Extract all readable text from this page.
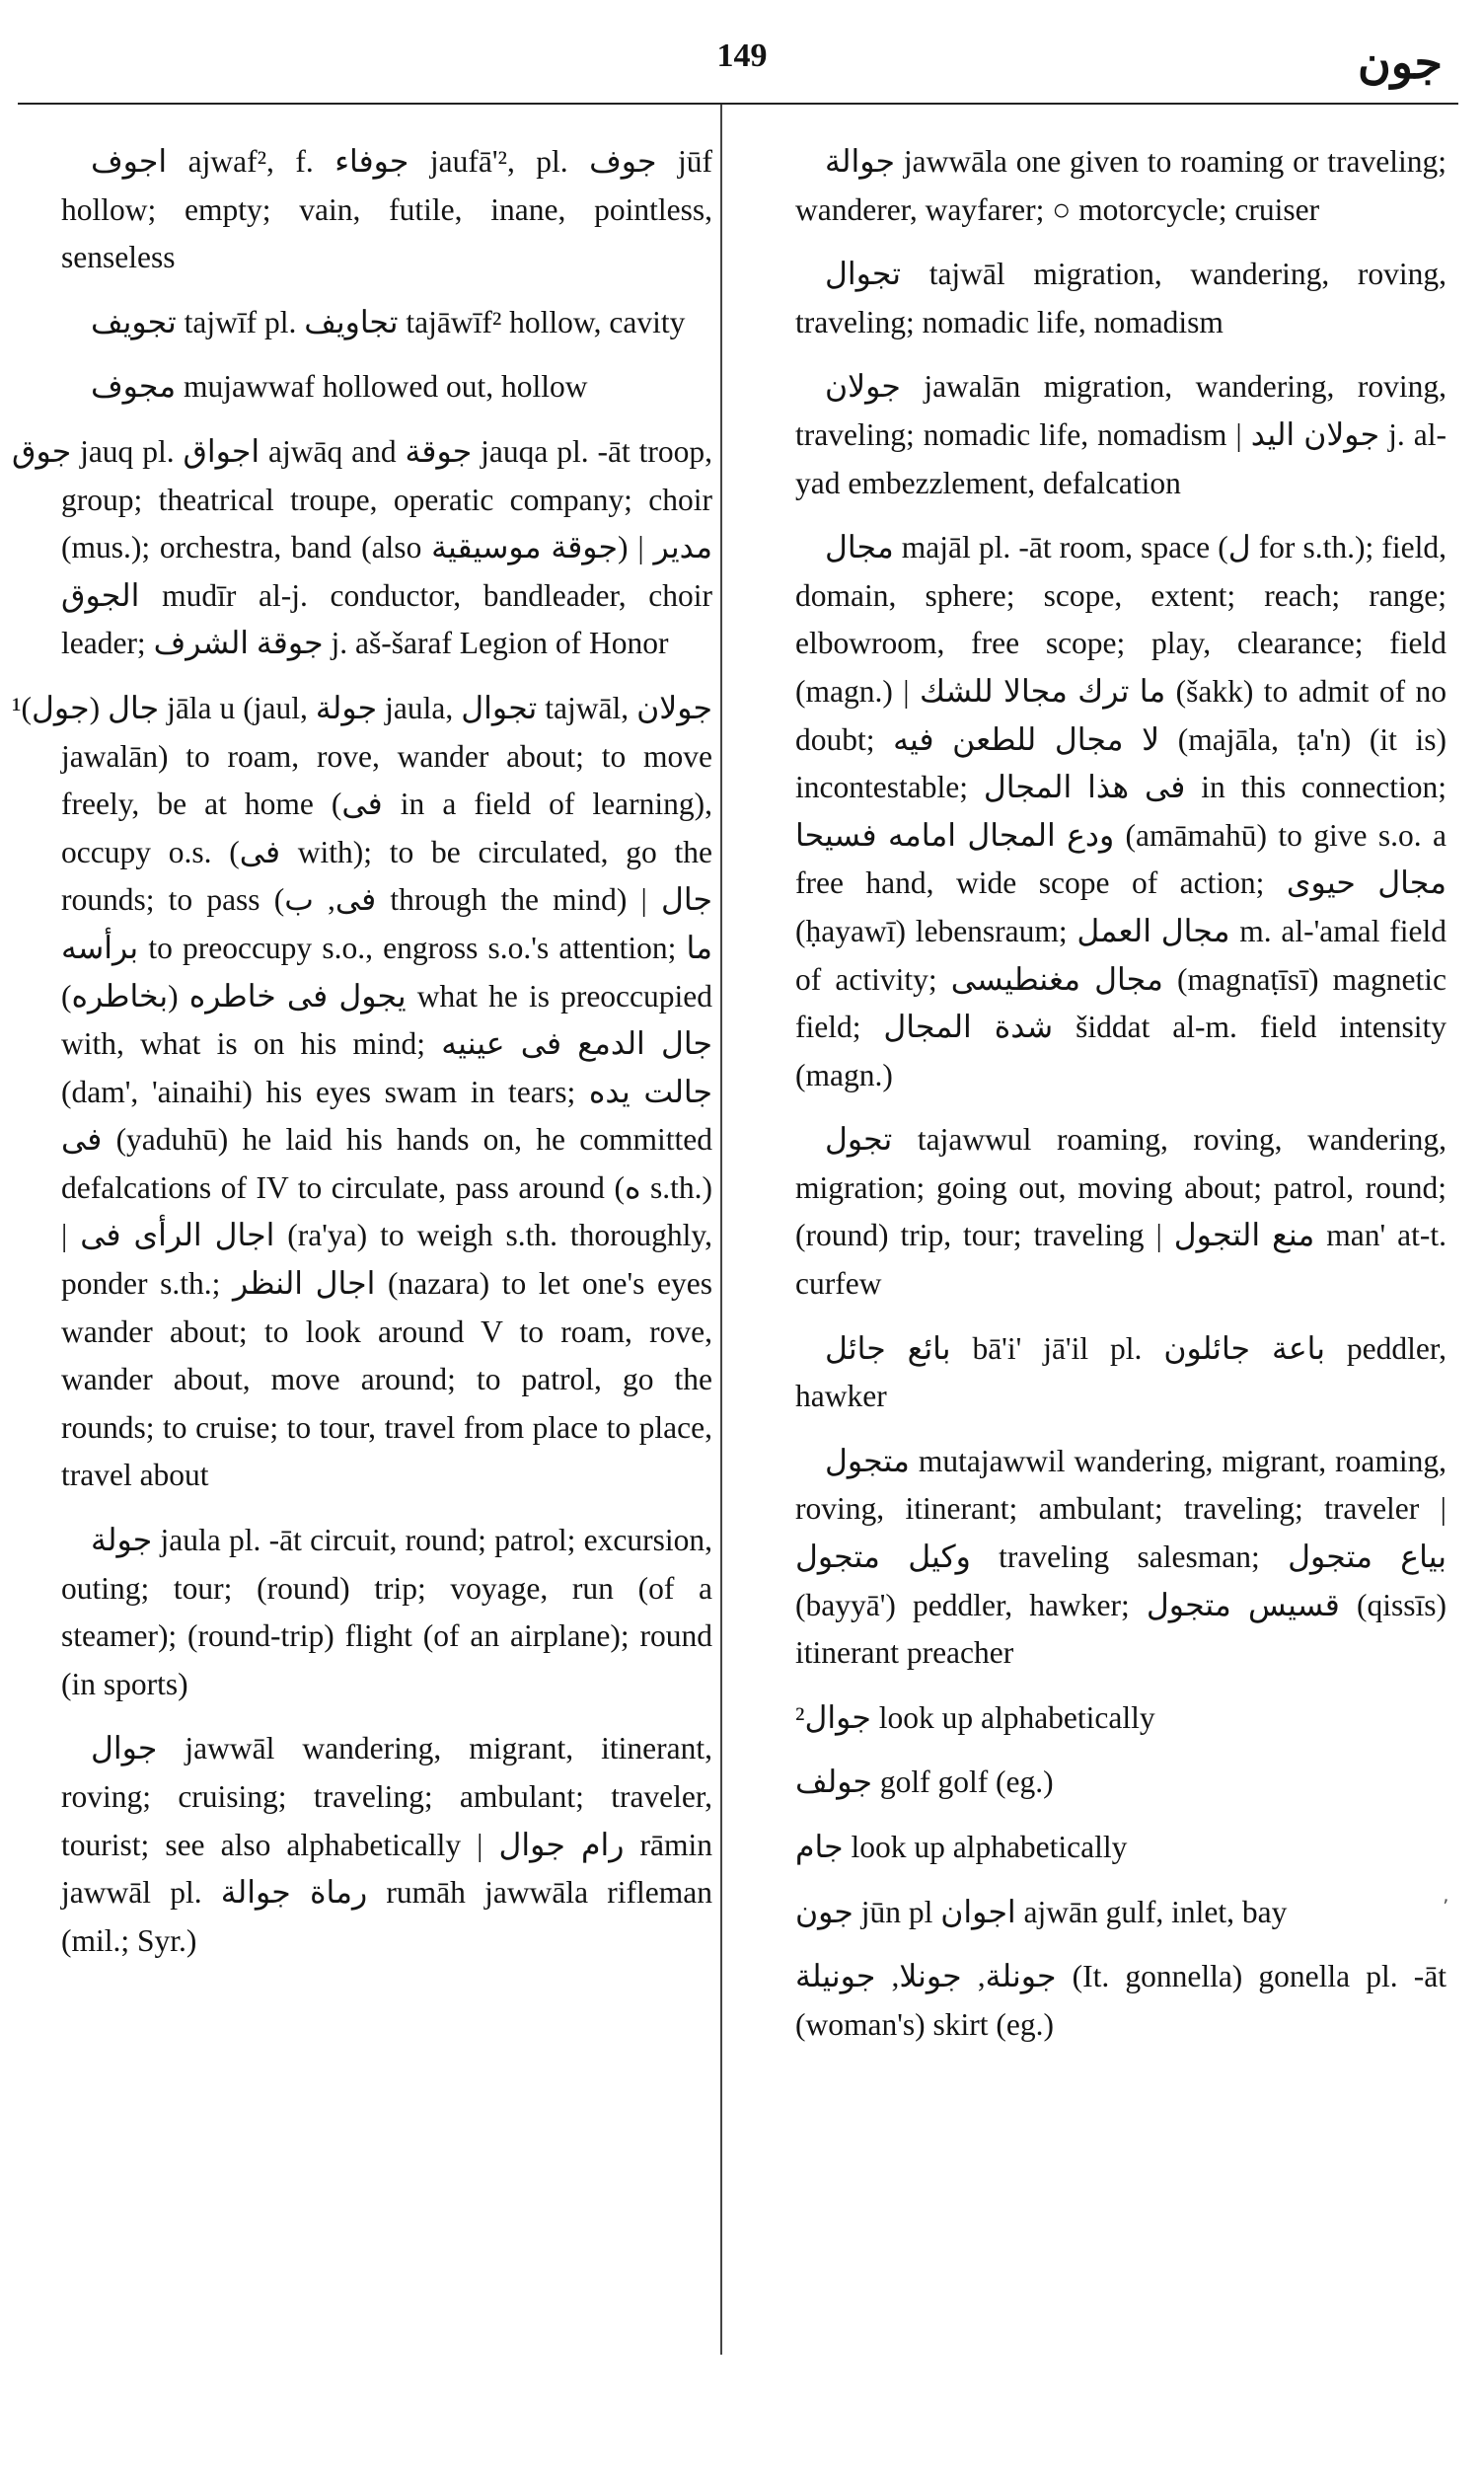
149	جون

اجوف ajwaf², f. جوفاء jaufā'², pl. جوف jūf hollow; empty; vain, futile, inane, pointless, senseless

تجويف tajwīf pl. تجاويف tajāwīf² hollow, cavity

مجوف mujawwaf hollowed out, hollow

جوق jauq pl. اجواق ajwāq and جوقة jauqa pl. -āt troop, group; theatrical troupe, operatic company; choir (mus.); orchestra, band (also جوقة موسيقية) | مدير الجوق mudīr al-j. conductor, bandleader, choir leader; جوقة الشرف j. aš-šaraf Legion of Honor

¹(جول) جال jāla u (jaul, جولة jaula, تجوال tajwāl, جولان jawalān) to roam, rove, wander about; to move freely, be at home (فى in a field of learning), occupy o.s. (فى with); to be circulated, go the rounds; to pass (فى, ب through the mind) | جال برأسه to preoccupy s.o., engross s.o.'s attention; ما يجول فى خاطره (بخاطره) what he is preoccupied with, what is on his mind; جال الدمع فى عينيه (dam', 'ainaihi) his eyes swam in tears; جالت يده فى (yaduhū) he laid his hands on, he committed defalcations of IV to circulate, pass around (ه s.th.) | اجال الرأى فى (ra'ya) to weigh s.th. thoroughly, ponder s.th.; اجال النظر (nazara) to let one's eyes wander about; to look around V to roam, rove, wander about, move around; to patrol, go the rounds; to cruise; to tour, travel from place to place, travel about

جولة jaula pl. -āt circuit, round; patrol; excursion, outing; tour; (round) trip; voyage, run (of a steamer); (round-trip) flight (of an airplane); round (in sports)

جوال jawwāl wandering, migrant, itinerant, roving; cruising; traveling; ambulant; traveler, tourist; see also alphabetically | رام جوال rāmin jawwāl pl. رماة جوالة rumāh jawwāla rifleman (mil.; Syr.)

جوالة jawwāla one given to roaming or traveling; wanderer, wayfarer; ○ motorcycle; cruiser

تجوال tajwāl migration, wandering, roving, traveling; nomadic life, nomadism

جولان jawalān migration, wandering, roving, traveling; nomadic life, nomadism | جولان اليد j. al-yad embezzlement, defalcation

مجال majāl pl. -āt room, space (ل for s.th.); field, domain, sphere; scope, extent; reach; range; elbowroom, free scope; play, clearance; field (magn.) | ما ترك مجالا للشك (šakk) to admit of no doubt; لا مجال للطعن فيه (majāla, ṭa'n) (it is) incontestable; فى هذا المجال in this connection; ودع المجال امامه فسيحا (amāmahū) to give s.o. a free hand, wide scope of action; مجال حيوى (ḥayawī) lebensraum; مجال العمل m. al-'amal field of activity; مجال مغنطيسى (magnaṭīsī) magnetic field; شدة المجال šiddat al-m. field intensity (magn.)

تجول tajawwul roaming, roving, wandering, migration; going out, moving about; patrol, round; (round) trip, tour; traveling | منع التجول man' at-t. curfew

بائع جائل bā'i' jā'il pl. باعة جائلون peddler, hawker

متجول mutajawwil wandering, migrant, roaming, roving, itinerant; ambulant; traveling; traveler | وكيل متجول traveling salesman; بياع متجول (bayyā') peddler, hawker; قسيس متجول (qissīs) itinerant preacher

²جوال look up alphabetically

جولف golf golf (eg.)

جام look up alphabetically

جون jūn pl اجوان ajwān gulf, inlet, bay

جونلة, جونلا, جونيلة (It. gonnella) gonella pl. -āt (woman's) skirt (eg.)

٬
